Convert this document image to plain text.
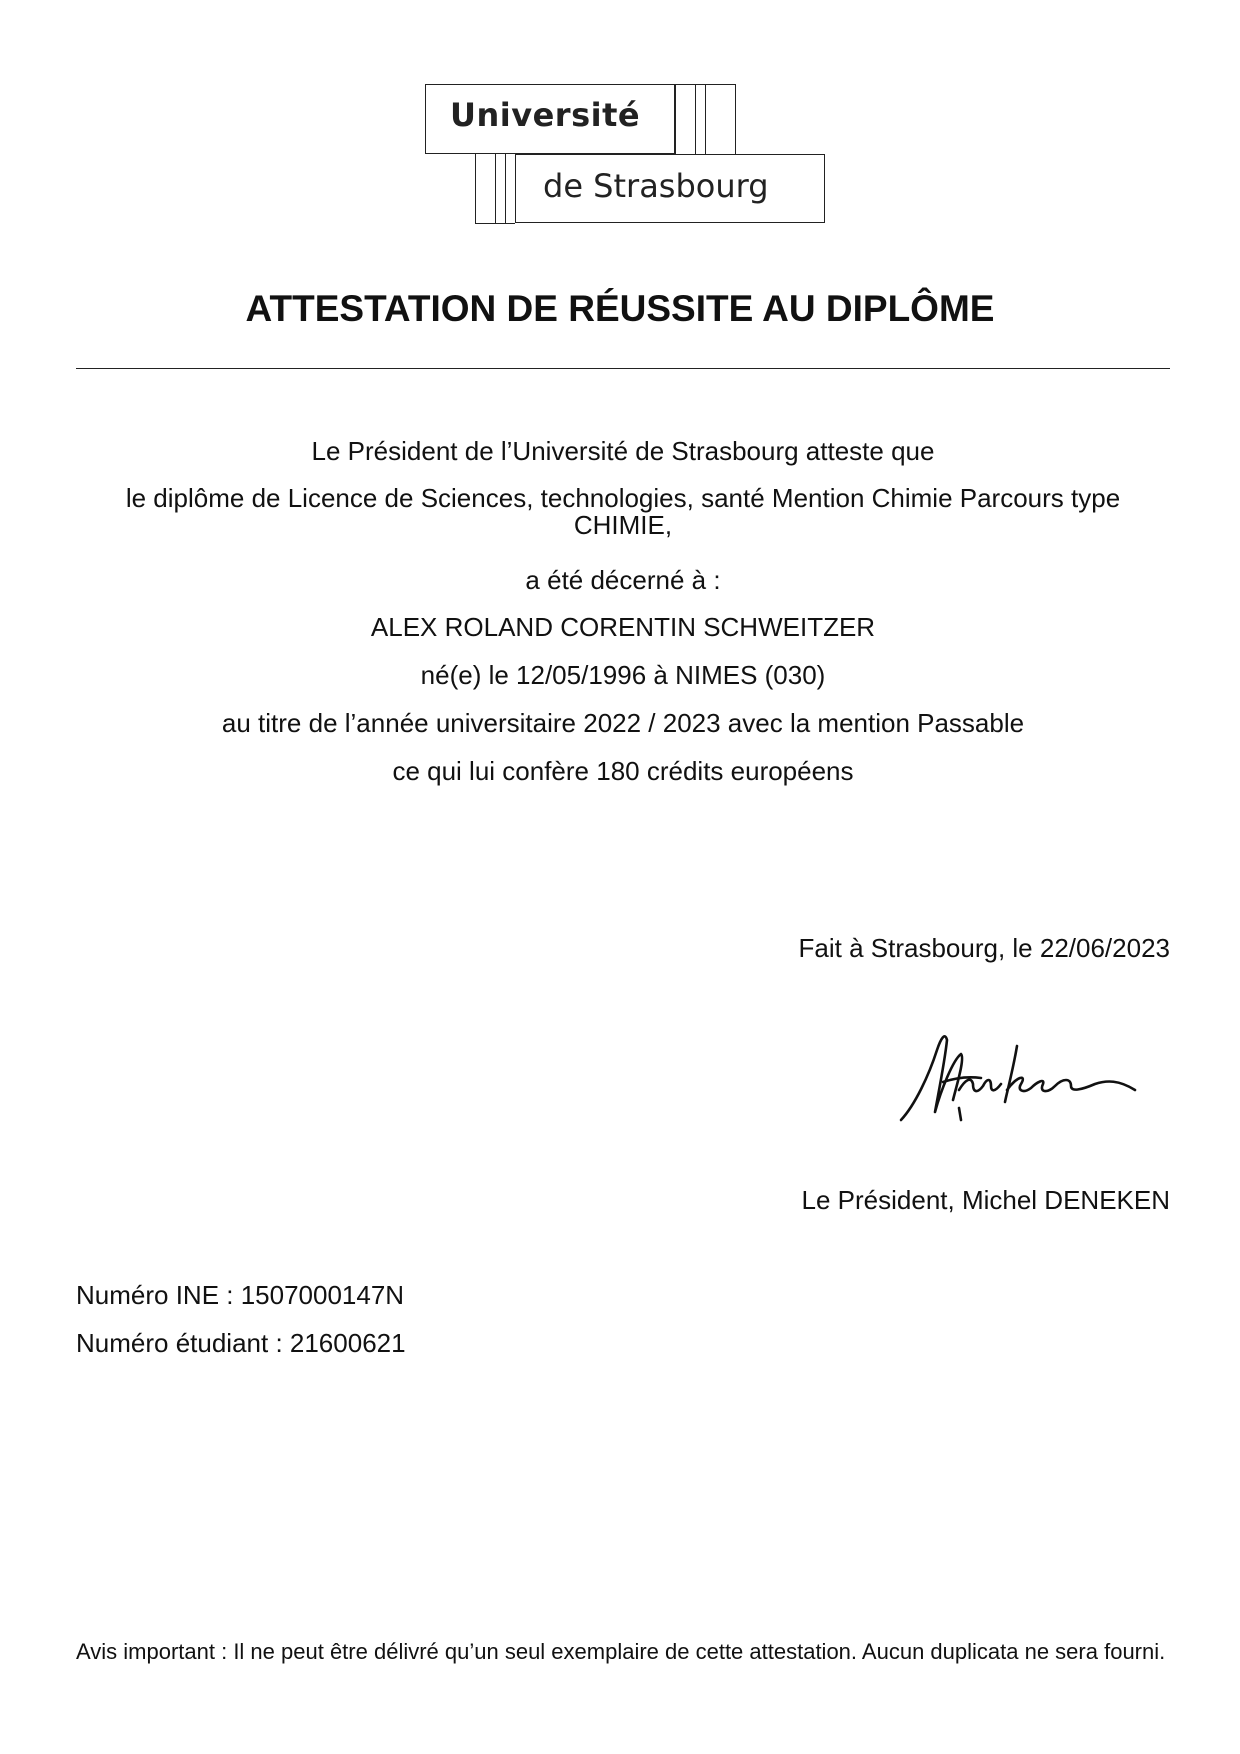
Université
de Strasbourg
ATTESTATION DE RÉUSSITE AU DIPLÔME
Le Président de l’Université de Strasbourg atteste que
le diplôme de Licence de Sciences, technologies, santé Mention Chimie Parcours type CHIMIE,
a été décerné à :
ALEX ROLAND CORENTIN SCHWEITZER
né(e) le 12/05/1996 à NIMES (030)
au titre de l’année universitaire 2022 / 2023 avec la mention Passable
ce qui lui confère 180 crédits européens
Fait à Strasbourg, le 22/06/2023
MDeneken
Le Président, Michel DENEKEN
Numéro INE : 1507000147N
Numéro étudiant : 21600621
Avis important : Il ne peut être délivré qu’un seul exemplaire de cette attestation. Aucun duplicata ne sera fourni.
